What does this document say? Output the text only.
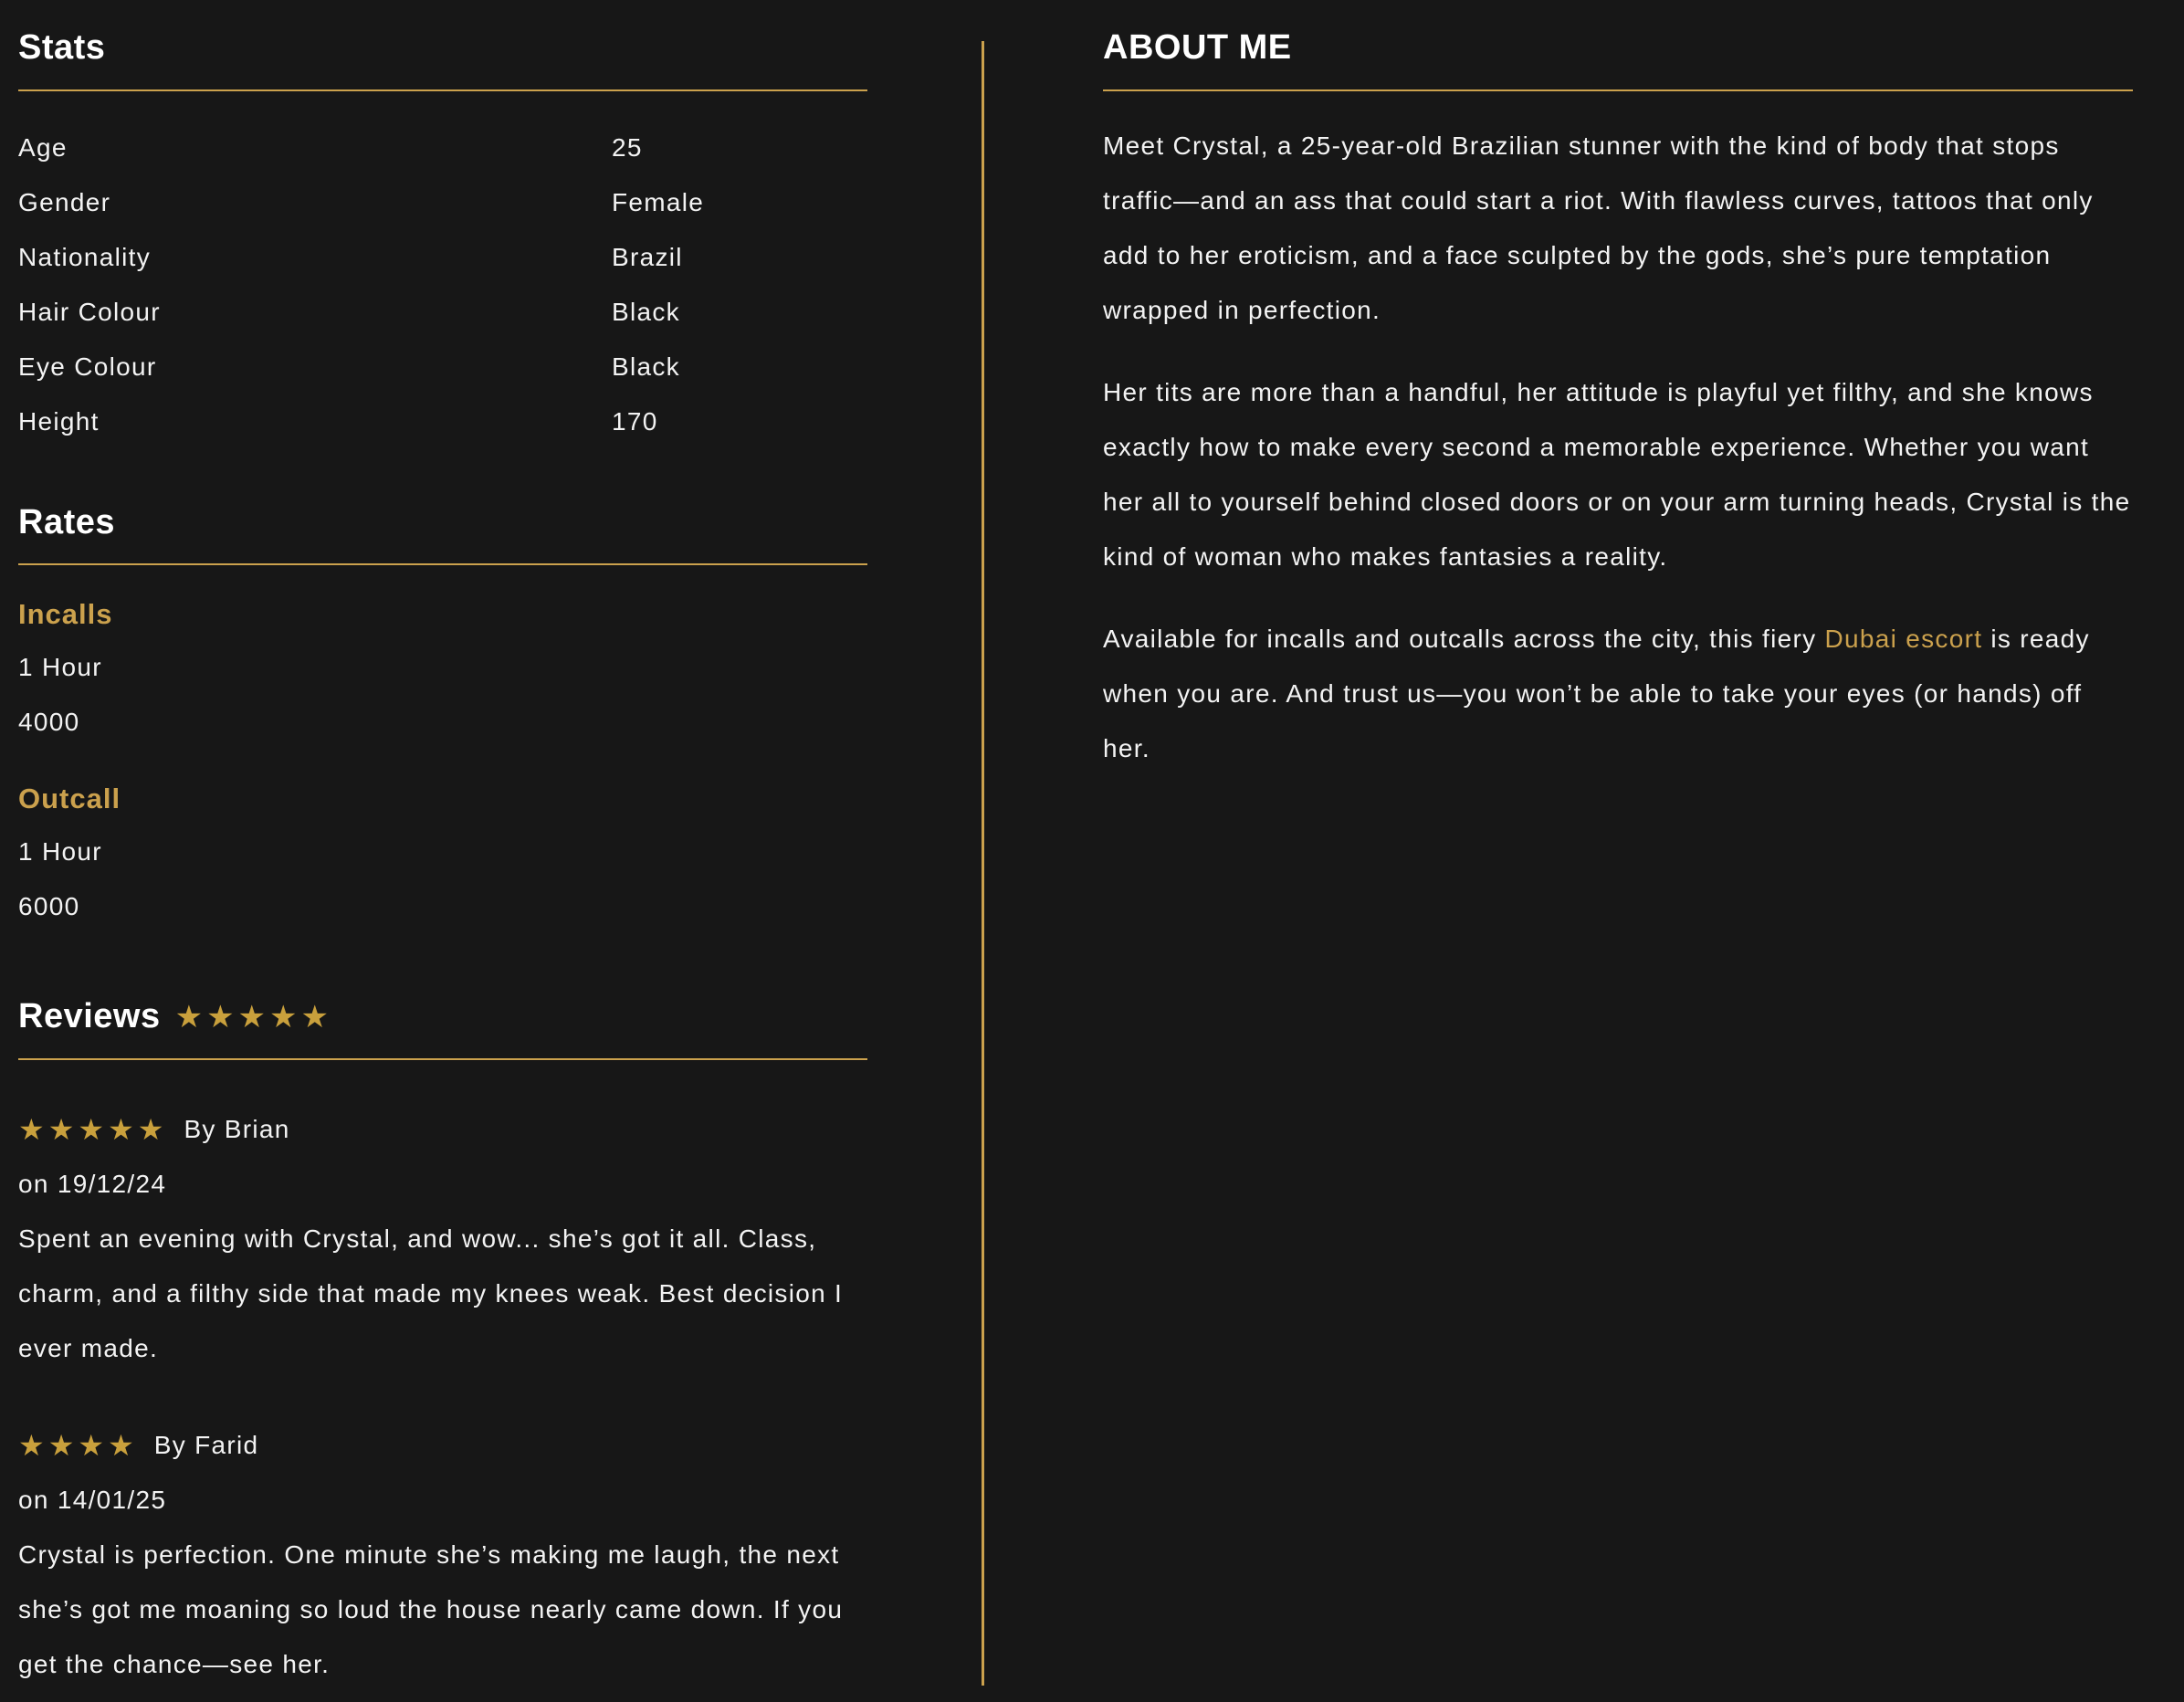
Stats
Age	25
Gender	Female
Nationality	Brazil
Hair Colour	Black
Eye Colour	Black
Height	170
Rates
Incalls
1 Hour
4000
Outcall
1 Hour
6000
Reviews ★★★★★
★★★★★ By Brian
on 19/12/24

Spent an evening with Crystal, and wow... she’s got it all. Class, charm, and a filthy side that made my knees weak. Best decision I ever made.

★★★★ By Farid
on 14/01/25

Crystal is perfection. One minute she’s making me laugh, the next she’s got me moaning so loud the house nearly came down. If you get the chance—see her.

ABOUT ME

Meet Crystal, a 25-year-old Brazilian stunner with the kind of body that stops traffic—and an ass that could start a riot. With flawless curves, tattoos that only add to her eroticism, and a face sculpted by the gods, she’s pure temptation wrapped in perfection.

Her tits are more than a handful, her attitude is playful yet filthy, and she knows exactly how to make every second a memorable experience. Whether you want her all to yourself behind closed doors or on your arm turning heads, Crystal is the kind of woman who makes fantasies a reality.

Available for incalls and outcalls across the city, this fiery Dubai escort is ready when you are. And trust us—you won’t be able to take your eyes (or hands) off her.
